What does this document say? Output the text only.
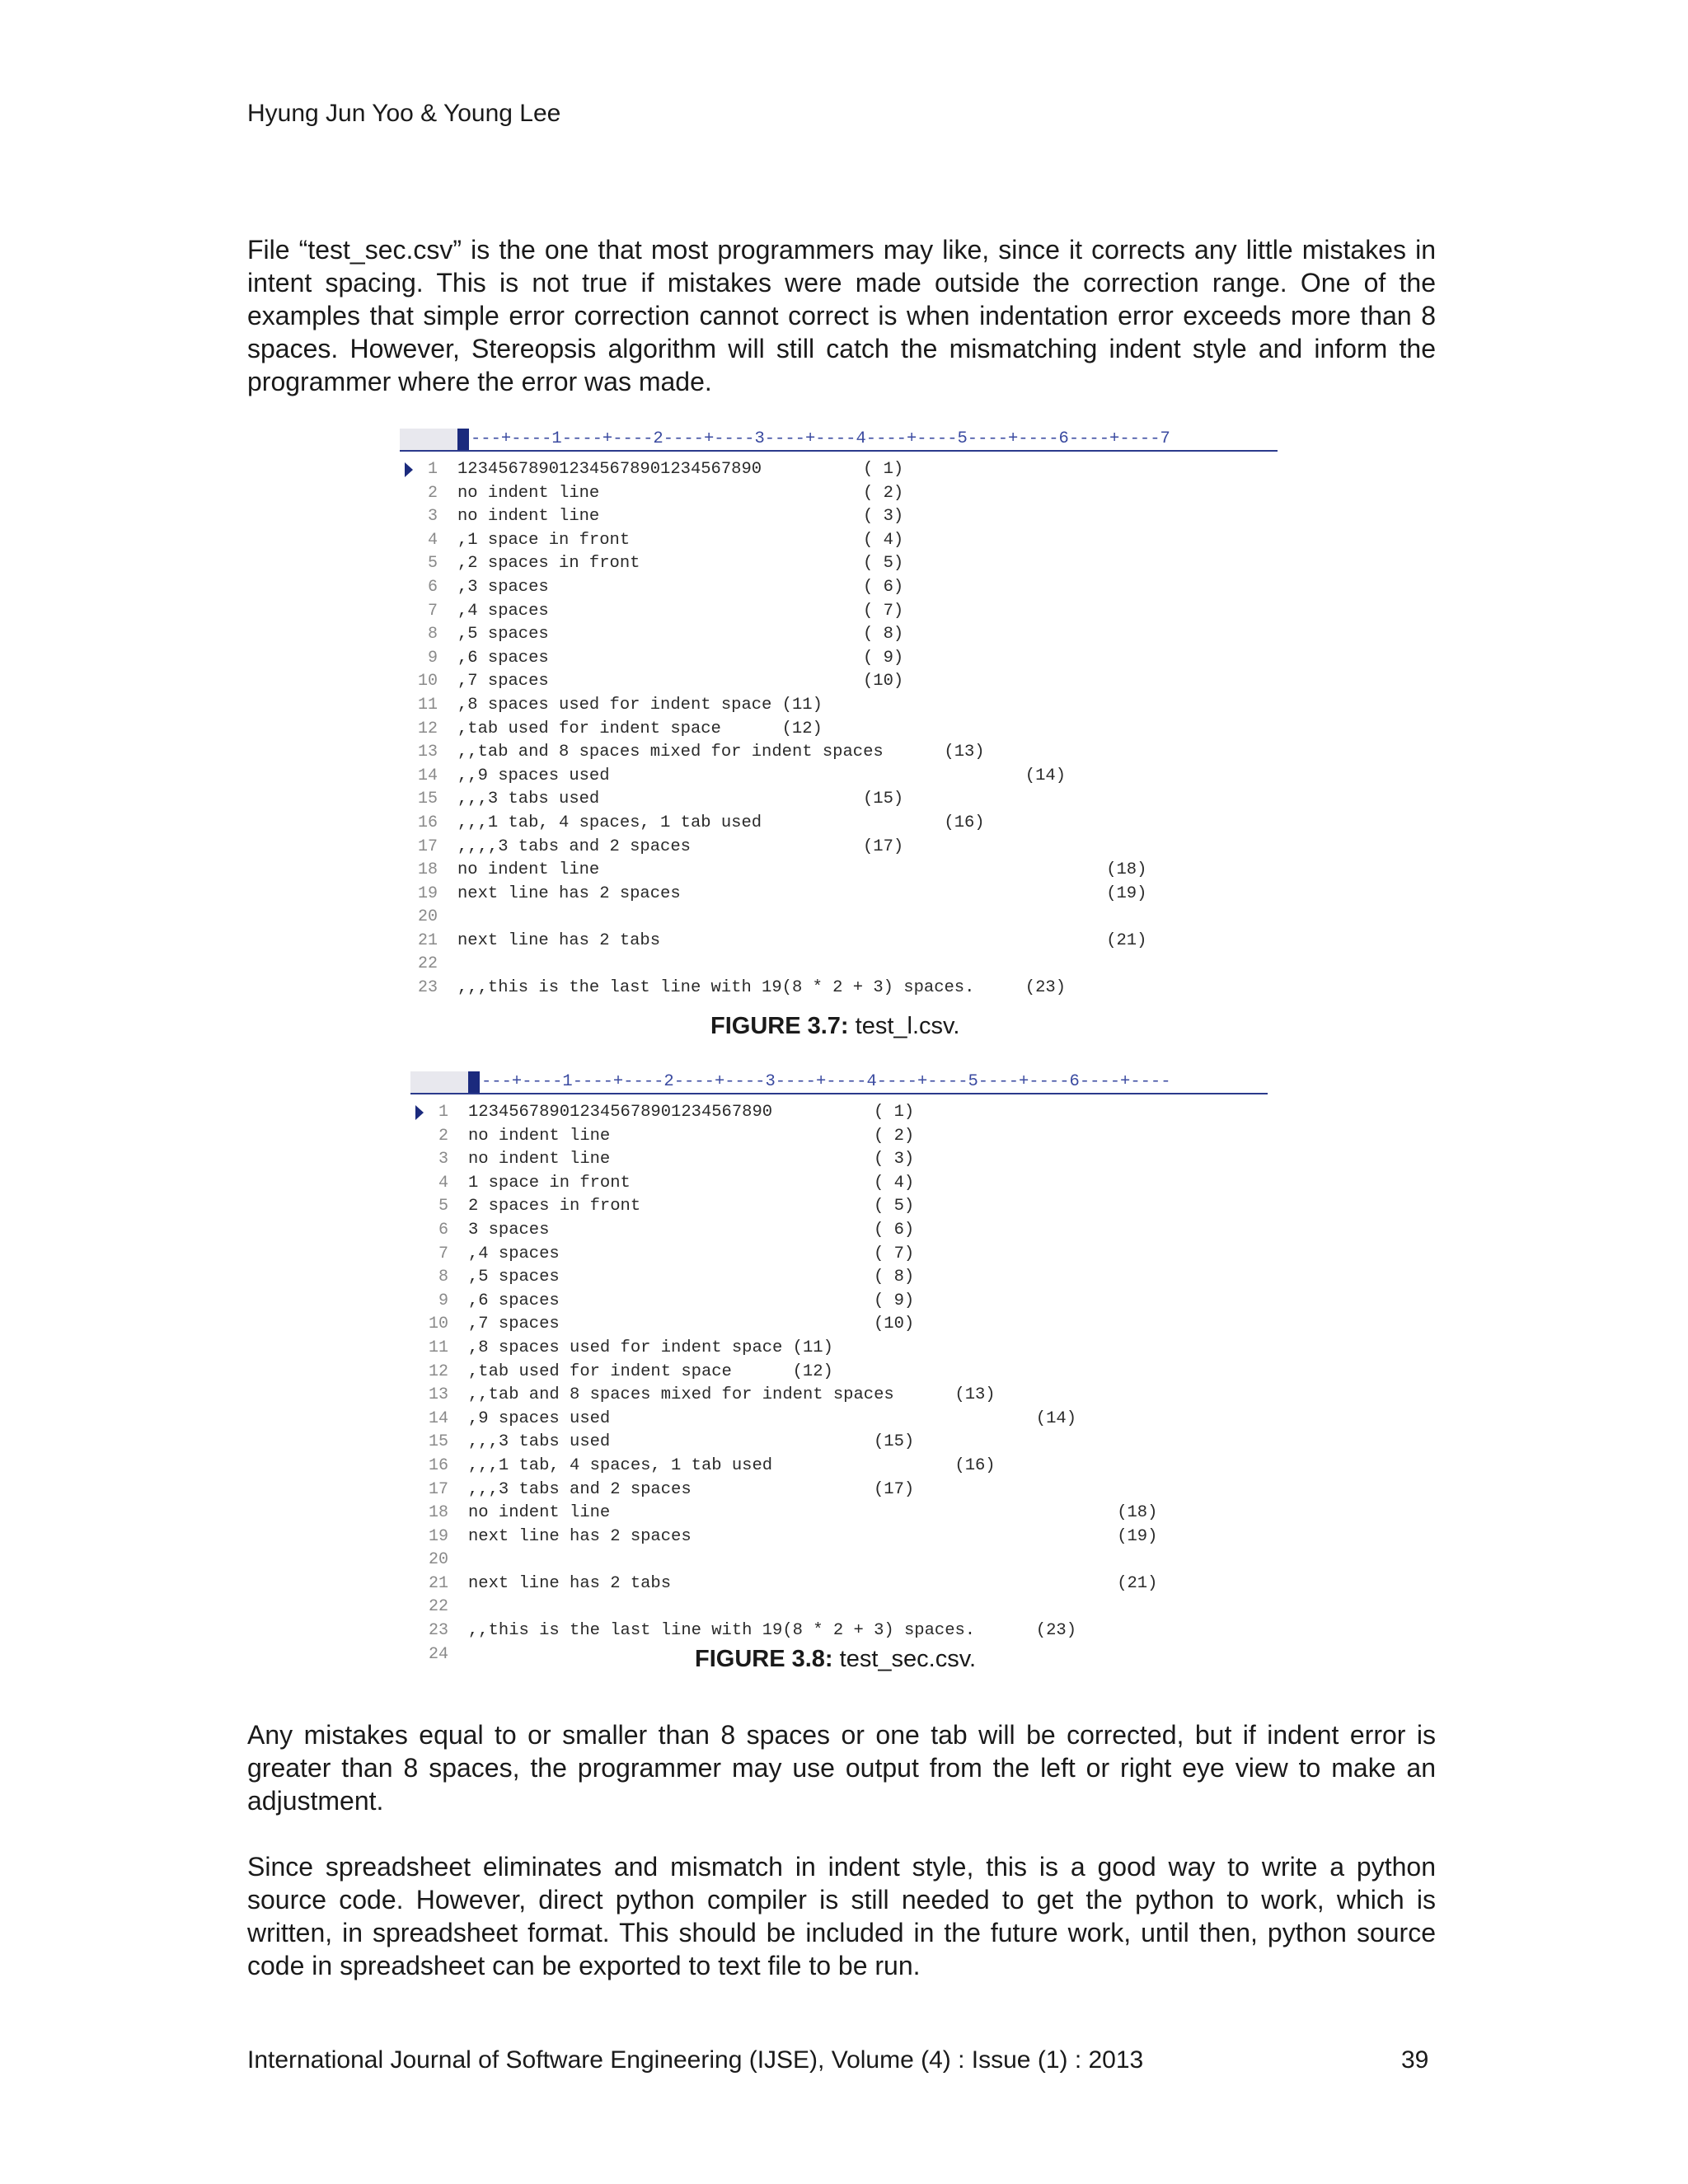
Hyung Jun Yoo & Young Lee

File “test_sec.csv” is the one that most programmers may like, since it corrects any little mistakes in intent spacing. This is not true if mistakes were made outside the correction range. One of the examples that simple error correction cannot correct is when indentation error exceeds more than 8 spaces. However, Stereopsis algorithm will still catch the mismatching indent style and inform the programmer where the error was made.

---+----1----+----2----+----3----+----4----+----5----+----6----+----7
1 1234567890123456789012345678​90	( 1)
2 no indent line	( 2)
3 no indent line	( 3)
4 ,1 space in front	( 4)
5 ,2 spaces in front	( 5)
6 ,3 spaces	( 6)
7 ,4 spaces	( 7)
8 ,5 spaces	( 8)
9 ,6 spaces	( 9)
10 ,7 spaces	(10)
11 ,8 spaces used for indent space (11)
12 ,tab used for indent space	(12)
13 ,,tab and 8 spaces mixed for indent spaces	(13)
14 ,,9 spaces used	(14)
15 ,,,3 tabs used	(15)
16 ,,,1 tab, 4 spaces, 1 tab used	(16)
17 ,,,,3 tabs and 2 spaces	(17)
18 no indent line	(18)
19 next line has 2 spaces	(19)
20
21 next line has 2 tabs	(21)
22
23 ,,,this is the last line with 19(8 * 2 + 3) spaces.	(23)
FIGURE 3.7: test_l.csv.
---+----1----+----2----+----3----+----4----+----5----+----6----+----
1 1234567890123456789012345678​90	( 1)
2 no indent line	( 2)
3 no indent line	( 3)
4 1 space in front	( 4)
5 2 spaces in front	( 5)
6 3 spaces	( 6)
7 ,4 spaces	( 7)
8 ,5 spaces	( 8)
9 ,6 spaces	( 9)
10 ,7 spaces	(10)
11 ,8 spaces used for indent space (11)
12 ,tab used for indent space	(12)
13 ,,tab and 8 spaces mixed for indent spaces	(13)
14 ,9 spaces used	(14)
15 ,,,3 tabs used	(15)
16 ,,,1 tab, 4 spaces, 1 tab used	(16)
17 ,,,3 tabs and 2 spaces	(17)
18 no indent line	(18)
19 next line has 2 spaces	(19)
20
21 next line has 2 tabs	(21)
22
23 ,,this is the last line with 19(8 * 2 + 3) spaces.	(23)
24	FIGURE 3.8: test_sec.csv.

Any mistakes equal to or smaller than 8 spaces or one tab will be corrected, but if indent error is greater than 8 spaces, the programmer may use output from the left or right eye view to make an adjustment.

Since spreadsheet eliminates and mismatch in indent style, this is a good way to write a python source code. However, direct python compiler is still needed to get the python to work, which is written, in spreadsheet format. This should be included in the future work, until then, python source code in spreadsheet can be exported to text file to be run.

International Journal of Software Engineering (IJSE), Volume (4) : Issue (1) : 2013	39
